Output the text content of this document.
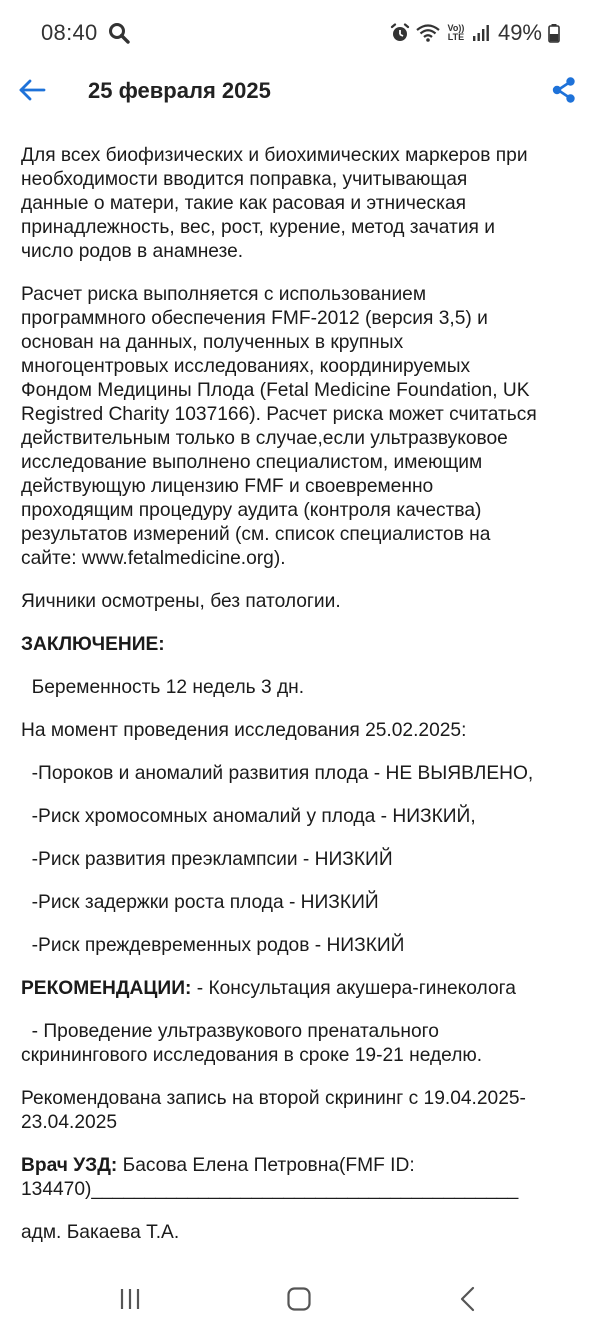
08:40	Vo)) LTE 49%
25 февраля 2025
Для всех биофизических и биохимических маркеров при
необходимости вводится поправка, учитывающая
данные о матери, такие как расовая и этническая
принадлежность, вес, рост, курение, метод зачатия и
число родов в анамнезе.
Расчет риска выполняется с использованием
программного обеспечения FMF-2012 (версия 3,5) и
основан на данных, полученных в крупных
многоцентровых исследованиях, координируемых
Фондом Медицины Плода (Fetal Medicine Foundation, UK
Registred Charity 1037166). Расчет риска может считаться
действительным только в случае,если ультразвуковое
исследование выполнено специалистом, имеющим
действующую лицензию FMF и своевременно
проходящим процедуру аудита (контроля качества)
результатов измерений (см. список специалистов на
сайте: www.fetalmedicine.org).
Яичники осмотрены, без патологии.
ЗАКЛЮЧЕНИЕ:
Беременность 12 недель 3 дн.
На момент проведения исследования 25.02.2025:
-Пороков и аномалий развития плода - НЕ ВЫЯВЛЕНО,
-Риск хромосомных аномалий у плода - НИЗКИЙ,
-Риск развития преэклампсии - НИЗКИЙ
-Риск задержки роста плода - НИЗКИЙ
-Риск преждевременных родов - НИЗКИЙ
РЕКОМЕНДАЦИИ: - Консультация акушера-гинеколога
- Проведение ультразвукового пренатального
скринингового исследования в сроке 19-21 неделю.
Рекомендована запись на второй скрининг с 19.04.2025-
23.04.2025
Врач УЗД: Басова Елена Петровна(FMF ID:
134470)________________________________________
адм. Бакаева Т.А.
